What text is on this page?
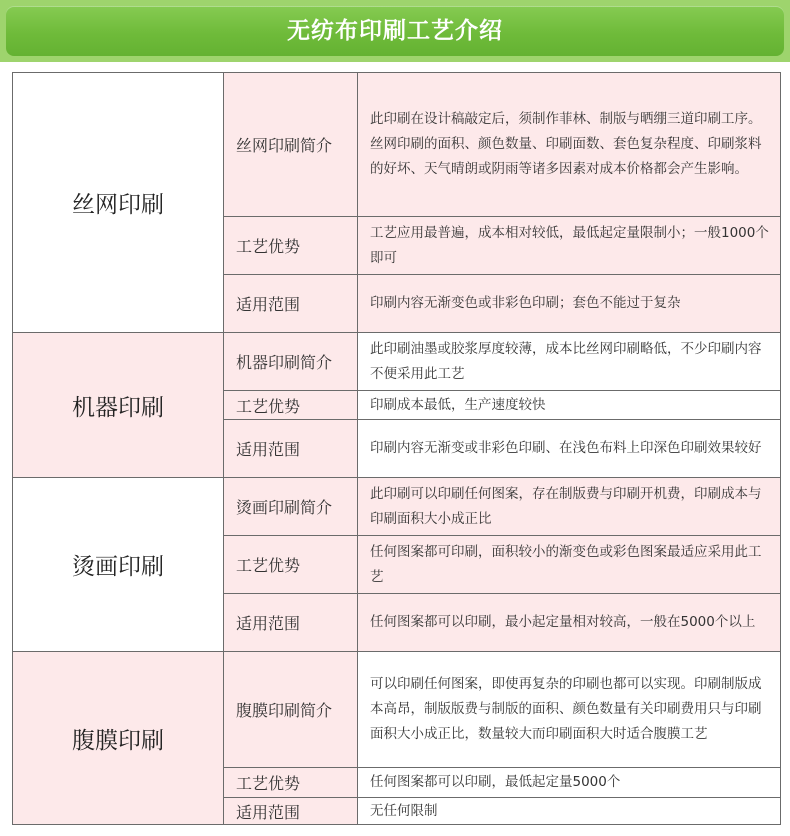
无纺布印刷工艺介绍
丝网印刷	丝网印刷简介	此印刷在设计稿敲定后，须制作菲林、制版与晒绷三道印刷工序。

丝网印刷的面积、颜色数量、印刷面数、套色复杂程度、印刷浆料的好坏、天气晴朗或阴雨等诸多因素对成本价格都会产生影响。

	工艺优势	工艺应用最普遍，成本相对较低，最低起定量限制小；一般1000个即可
	适用范围	印刷内容无渐变色或非彩色印刷；套色不能过于复杂
机器印刷	机器印刷简介	此印刷油墨或胶浆厚度较薄，成本比丝网印刷略低，不少印刷内容不便采用此工艺

	工艺优势	印刷成本最低，生产速度较快
	适用范围	印刷内容无渐变或非彩色印刷、在浅色布料上印深色印刷效果较好
烫画印刷	烫画印刷简介	此印刷可以印刷任何图案，存在制版费与印刷开机费，印刷成本与印刷面积大小成正比

	工艺优势	任何图案都可印刷，面积较小的渐变色或彩色图案最适应采用此工艺
	适用范围	任何图案都可以印刷，最小起定量相对较高，一般在5000个以上
腹膜印刷	腹膜印刷简介	可以印刷任何图案，即使再复杂的印刷也都可以实现。印刷制版成本高昂，制版版费与制版的面积、颜色数量有关印刷费用只与印刷面积大小成正比，数量较大而印刷面积大时适合腹膜工艺

	工艺优势	任何图案都可以印刷，最低起定量5000个
	适用范围	无任何限制
